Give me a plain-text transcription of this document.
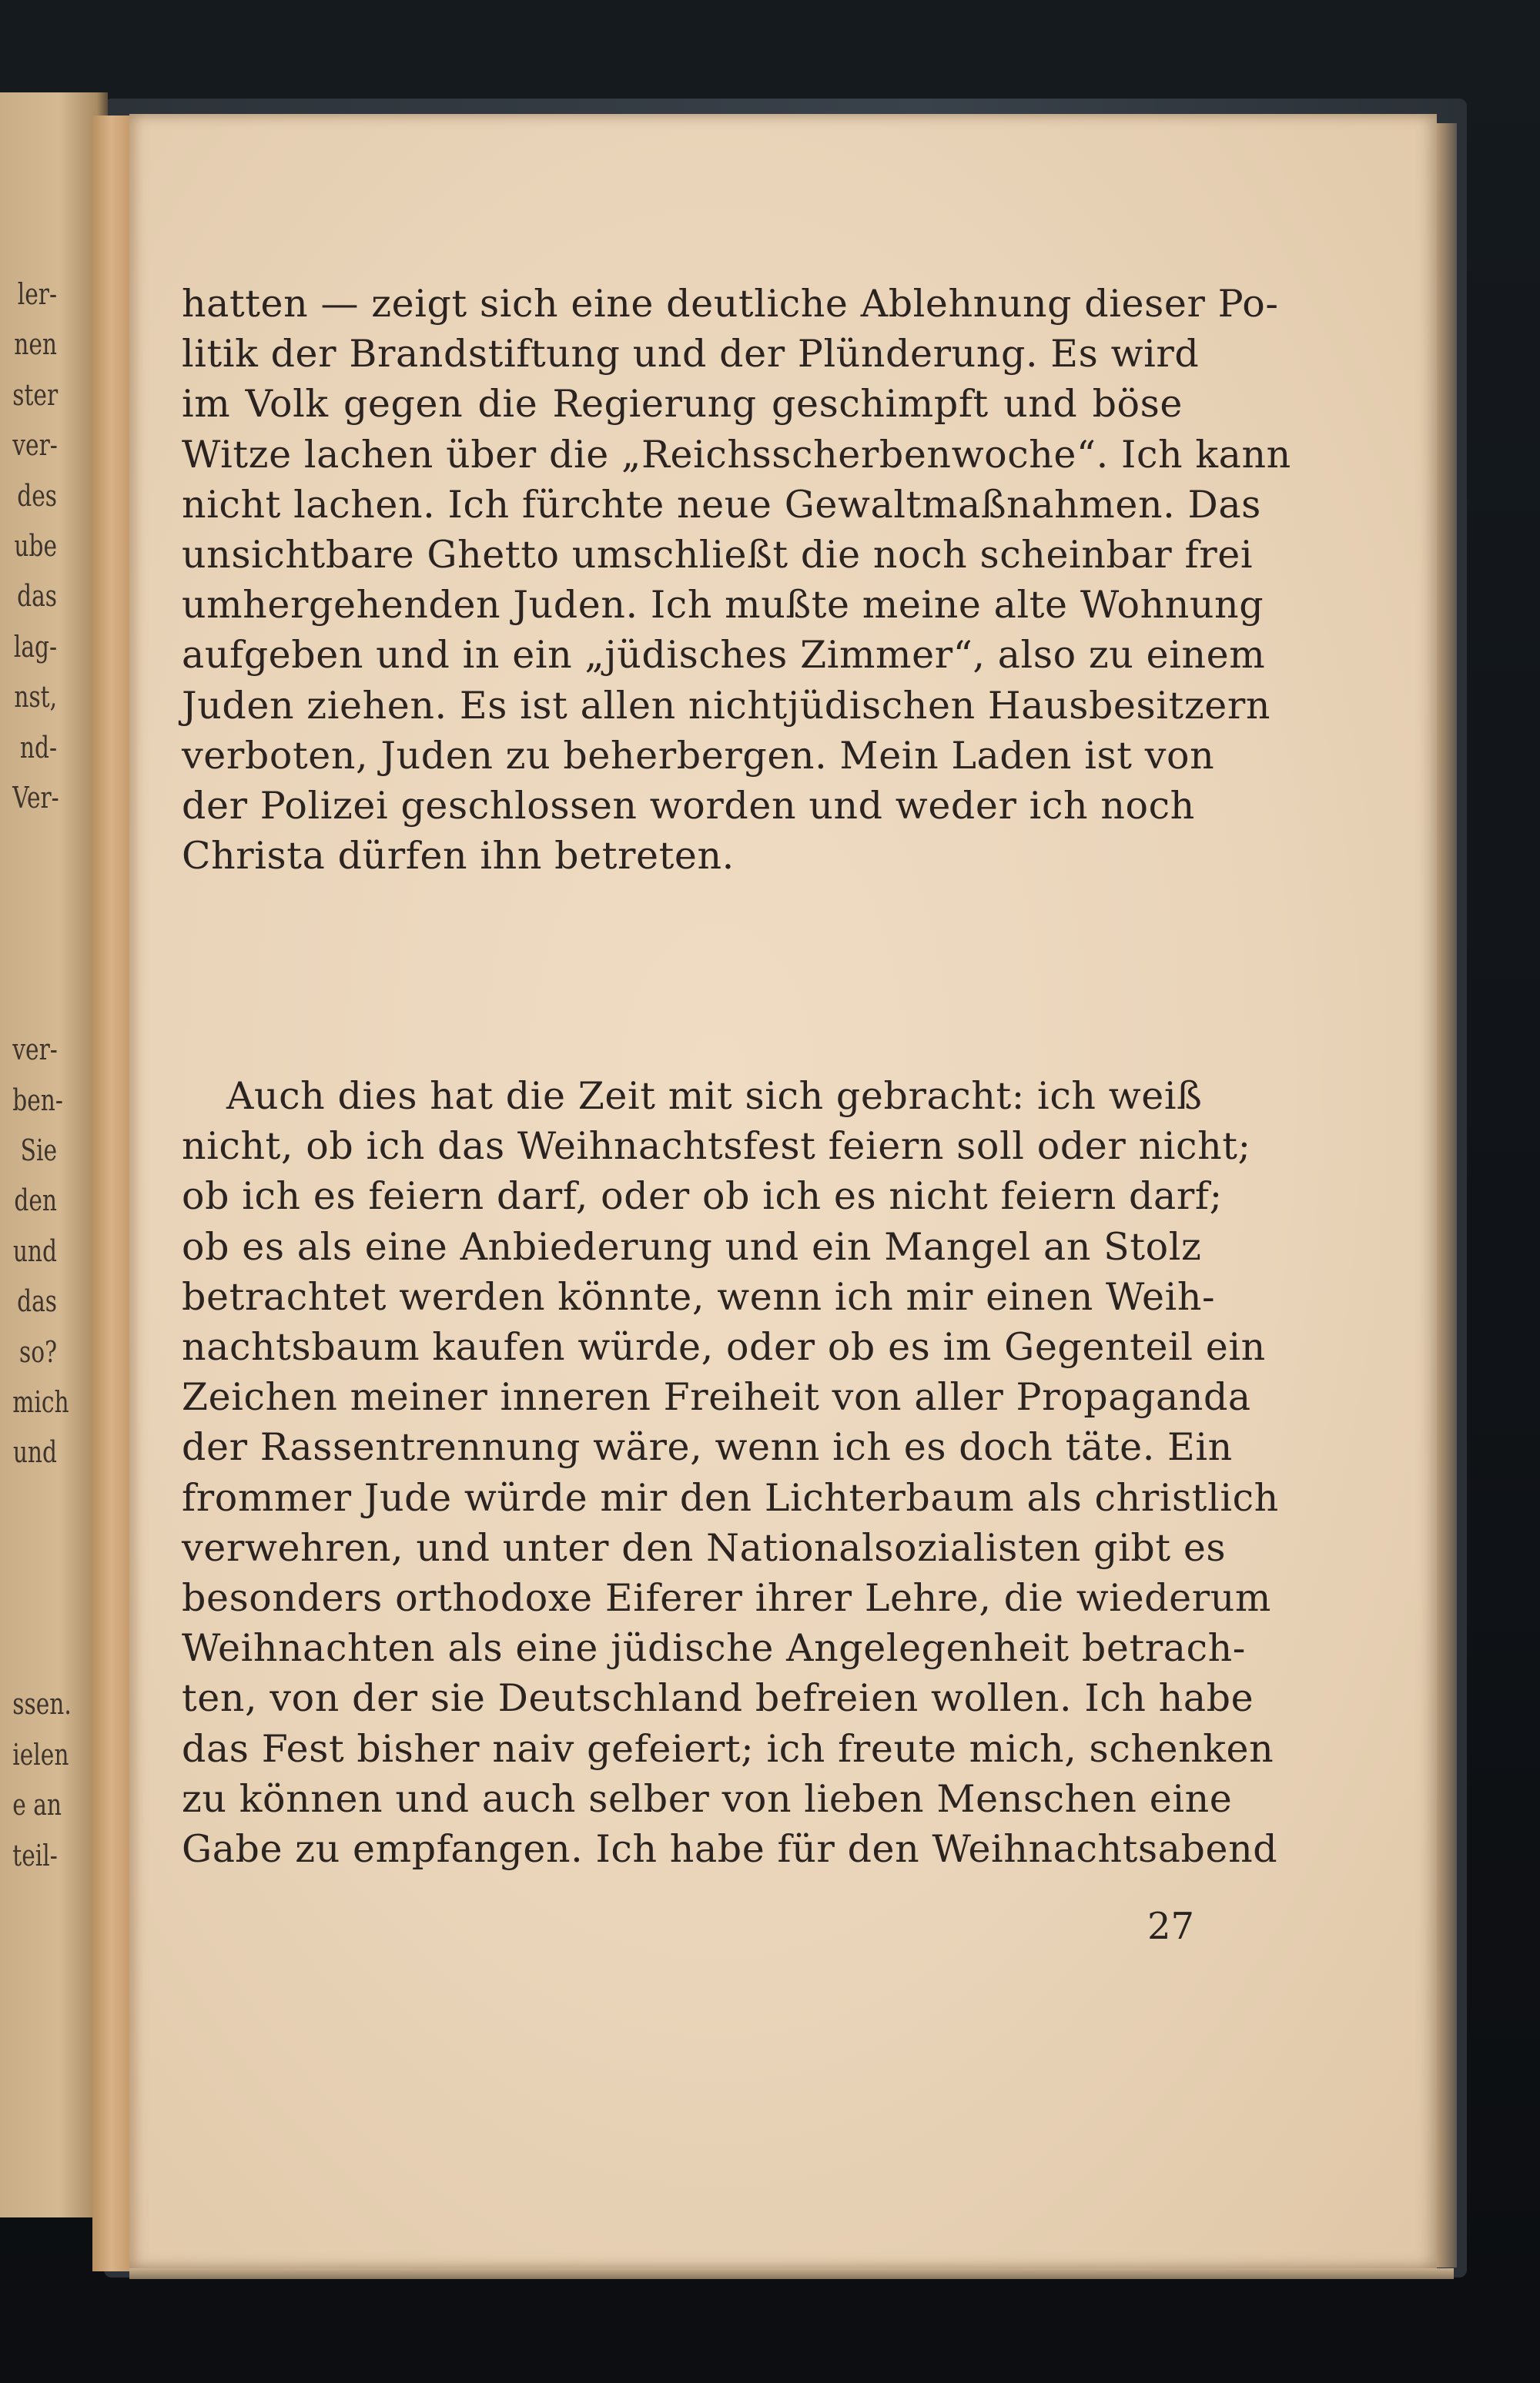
ler-
nen
ster
ver-
des
ube
das
lag-
nst,
nd-
Ver-

ver-
ben-
Sie
den
und
das
so?
mich
und

ssen.
ielen
e an
teil-
hatten — zeigt sich eine deutliche Ablehnung dieser Po-
litik der Brandstiftung und der Plünderung. Es wird
im Volk gegen die Regierung geschimpft und böse
Witze lachen über die „Reichsscherbenwoche“. Ich kann
nicht lachen. Ich fürchte neue Gewaltmaßnahmen. Das
unsichtbare Ghetto umschließt die noch scheinbar frei
umhergehenden Juden. Ich mußte meine alte Wohnung
aufgeben und in ein „jüdisches Zimmer“, also zu einem
Juden ziehen. Es ist allen nichtjüdischen Hausbesitzern
verboten, Juden zu beherbergen. Mein Laden ist von
der Polizei geschlossen worden und weder ich noch
Christa dürfen ihn betreten.
Auch dies hat die Zeit mit sich gebracht: ich weiß
nicht, ob ich das Weihnachtsfest feiern soll oder nicht;
ob ich es feiern darf, oder ob ich es nicht feiern darf;
ob es als eine Anbiederung und ein Mangel an Stolz
betrachtet werden könnte, wenn ich mir einen Weih-
nachtsbaum kaufen würde, oder ob es im Gegenteil ein
Zeichen meiner inneren Freiheit von aller Propaganda
der Rassentrennung wäre, wenn ich es doch täte. Ein
frommer Jude würde mir den Lichterbaum als christlich
verwehren, und unter den Nationalsozialisten gibt es
besonders orthodoxe Eiferer ihrer Lehre, die wiederum
Weihnachten als eine jüdische Angelegenheit betrach-
ten, von der sie Deutschland befreien wollen. Ich habe
das Fest bisher naiv gefeiert; ich freute mich, schenken
zu können und auch selber von lieben Menschen eine
Gabe zu empfangen. Ich habe für den Weihnachtsabend
27
